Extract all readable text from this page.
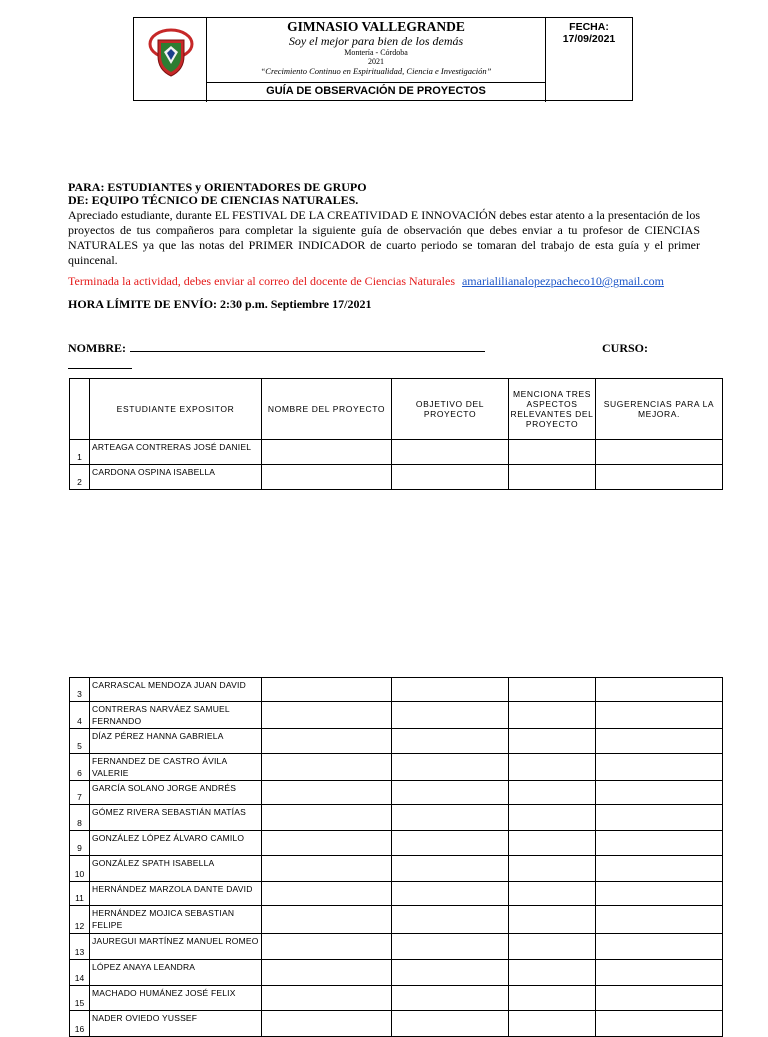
GIMNASIO VALLEGRANDE
Soy el mejor para bien de los demás
Montería - Córdoba
2021
“Crecimiento Continuo en Espiritualidad, Ciencia e Investigación”
GUÍA DE OBSERVACIÓN DE PROYECTOS
FECHA:
17/09/2021
PARA: ESTUDIANTES y ORIENTADORES DE GRUPO
DE: EQUIPO TÉCNICO DE CIENCIAS NATURALES.

Apreciado estudiante, durante EL FESTIVAL DE LA CREATIVIDAD E INNOVACIÓN debes estar atento a la presentación de los proyectos de tus compañeros para completar la siguiente guía de observación que debes enviar a tu profesor de CIENCIAS NATURALES ya que las notas del PRIMER INDICADOR de cuarto periodo se tomaran del trabajo de esta guía y el primer quincenal.

Terminada la actividad, debes enviar al correo del docente de Ciencias Naturales amarialilianalopezpacheco10@gmail.com
HORA LÍMITE DE ENVÍO: 2:30 p.m. Septiembre 17/2021
NOMBRE:	CURSO:
	ESTUDIANTE EXPOSITOR	NOMBRE DEL PROYECTO	OBJETIVO DEL PROYECTO	MENCIONA TRES ASPECTOS RELEVANTES DEL PROYECTO	SUGERENCIAS PARA LA MEJORA.
1	ARTEAGA CONTRERAS JOSÉ DANIEL				
2	CARDONA OSPINA ISABELLA				
3	CARRASCAL MENDOZA JUAN DAVID				
4	CONTRERAS NARVÁEZ SAMUEL FERNANDO				
5	DÍAZ PÉREZ HANNA GABRIELA				
6	FERNANDEZ DE CASTRO ÁVILA VALERIE				
7	GARCÍA SOLANO JORGE ANDRÉS				
8	GÓMEZ RIVERA SEBASTIÁN MATÍAS				
9	GONZÁLEZ LÓPEZ ÁLVARO CAMILO				
10	GONZÁLEZ SPATH ISABELLA				
11	HERNÁNDEZ MARZOLA DANTE DAVID				
12	HERNÁNDEZ MOJICA SEBASTIAN FELIPE				
13	JAUREGUI MARTÍNEZ MANUEL ROMEO				
14	LÓPEZ ANAYA LEANDRA				
15	MACHADO HUMÁNEZ JOSÉ FELIX				
16	NADER OVIEDO YUSSEF				
